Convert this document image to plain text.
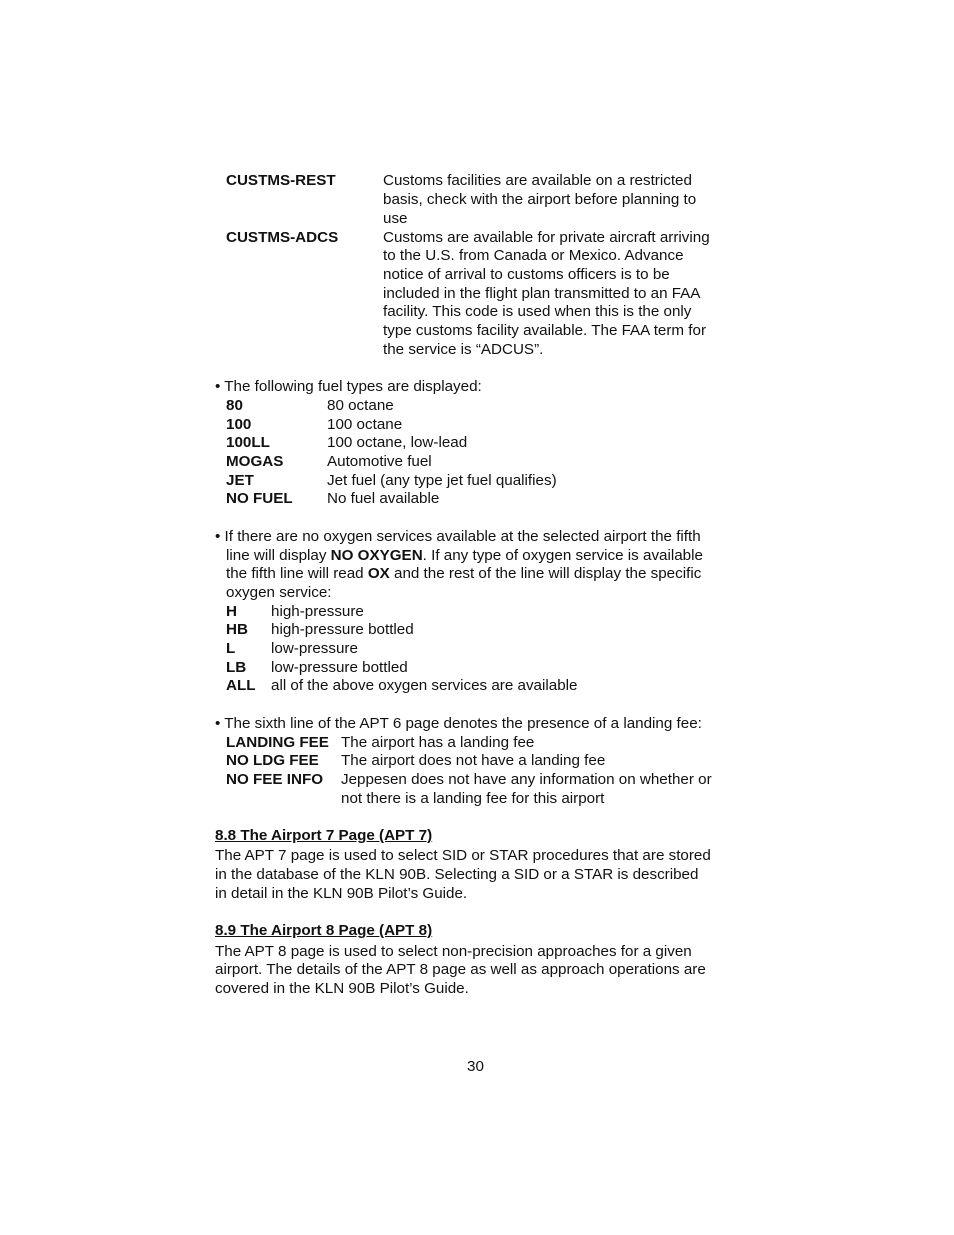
CUSTMS-REST	Customs facilities are available on a restricted
basis, check with the airport before planning to
use
CUSTMS-ADCS	Customs are available for private aircraft arriving
to the U.S. from Canada or Mexico. Advance
notice of arrival to customs officers is to be
included in the flight plan transmitted to an FAA
facility. This code is used when this is the only
type customs facility available. The FAA term for
the service is “ADCUS”.
• The following fuel types are displayed:
80	80 octane
100	100 octane
100LL	100 octane, low-lead
MOGAS	Automotive fuel
JET	Jet fuel (any type jet fuel qualifies)
NO FUEL No fuel available
• If there are no oxygen services available at the selected airport the fifth
line will display NO OXYGEN. If any type of oxygen service is available
the fifth line will read OX and the rest of the line will display the specific
oxygen service:
H high-pressure
HB high-pressure bottled
L low-pressure
LB low-pressure bottled
ALL all of the above oxygen services are available
• The sixth line of the APT 6 page denotes the presence of a landing fee:
LANDING FEE The airport has a landing fee
NO LDG FEE The airport does not have a landing fee
NO FEE INFO Jeppesen does not have any information on whether or
not there is a landing fee for this airport
8.8 The Airport 7 Page (APT 7)
The APT 7 page is used to select SID or STAR procedures that are stored
in the database of the KLN 90B. Selecting a SID or a STAR is described
in detail in the KLN 90B Pilot’s Guide.
8.9 The Airport 8 Page (APT 8)
The APT 8 page is used to select non-precision approaches for a given
airport. The details of the APT 8 page as well as approach operations are
covered in the KLN 90B Pilot’s Guide.
30
